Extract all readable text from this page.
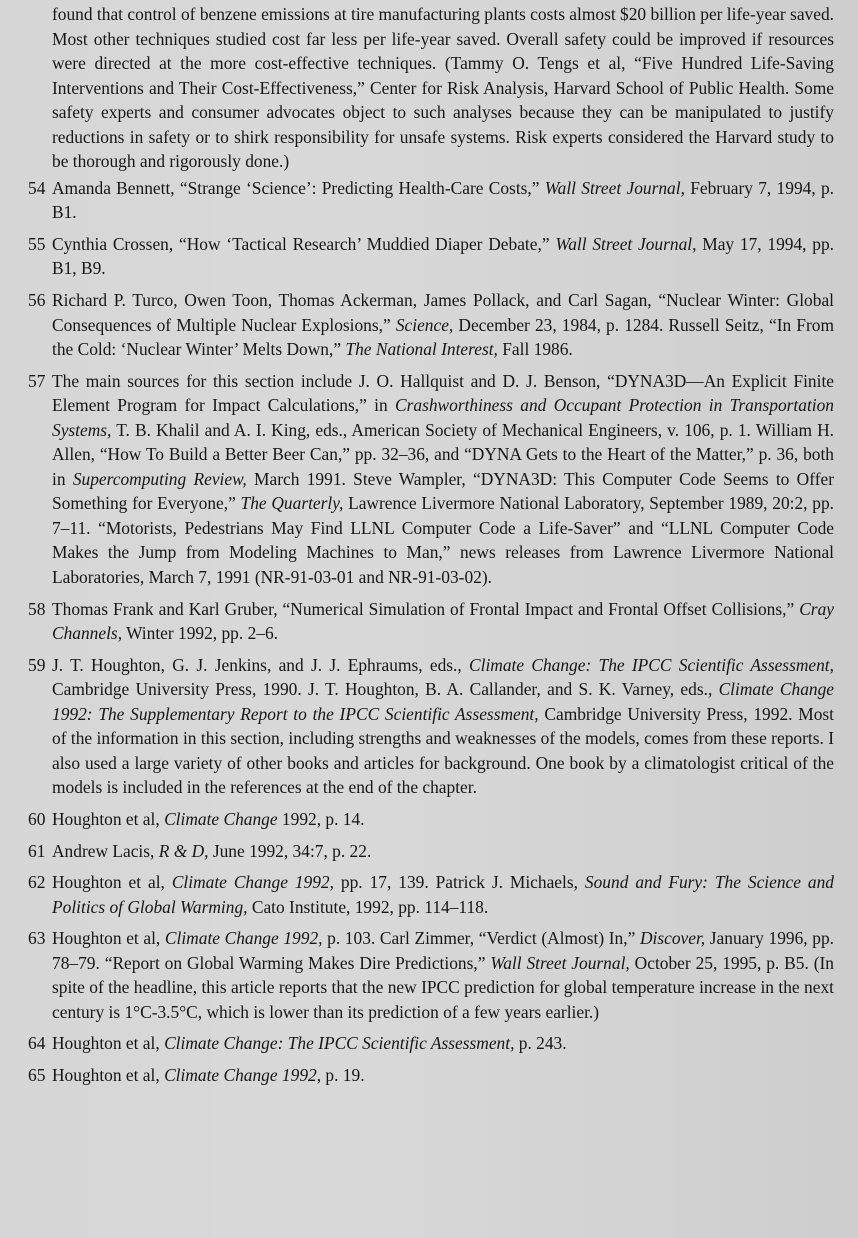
found that control of benzene emissions at tire manufacturing plants costs almost $20 billion per life-year saved. Most other techniques studied cost far less per life-year saved. Overall safety could be improved if resources were directed at the more cost-effective techniques. (Tammy O. Tengs et al, “Five Hundred Life-Saving Interventions and Their Cost-Effectiveness,” Center for Risk Analysis, Harvard School of Public Health. Some safety experts and consumer advocates object to such analyses because they can be manipulated to justify reductions in safety or to shirk responsibility for unsafe systems. Risk experts considered the Harvard study to be thorough and rigorously done.)

54 Amanda Bennett, “Strange ‘Science’: Predicting Health-Care Costs,” Wall Street Journal, February 7, 1994, p. B1.
55 Cynthia Crossen, “How ‘Tactical Research’ Muddied Diaper Debate,” Wall Street Journal, May 17, 1994, pp. B1, B9.
56 Richard P. Turco, Owen Toon, Thomas Ackerman, James Pollack, and Carl Sagan, “Nuclear Winter: Global Consequences of Multiple Nuclear Explosions,” Science, December 23, 1984, p. 1284. Russell Seitz, “In From the Cold: ‘Nuclear Winter’ Melts Down,” The National Interest, Fall 1986.
57 The main sources for this section include J. O. Hallquist and D. J. Benson, “DYNA3D—An Explicit Finite Element Program for Impact Calculations,” in Crashworthiness and Occupant Protection in Transportation Systems, T. B. Khalil and A. I. King, eds., American Society of Mechanical Engineers, v. 106, p. 1. William H. Allen, “How To Build a Better Beer Can,” pp. 32–36, and “DYNA Gets to the Heart of the Matter,” p. 36, both in Supercomputing Review, March 1991. Steve Wampler, “DYNA3D: This Computer Code Seems to Offer Something for Everyone,” The Quarterly, Lawrence Livermore National Laboratory, September 1989, 20:2, pp. 7–11. “Motorists, Pedestrians May Find LLNL Computer Code a Life-Saver” and “LLNL Computer Code Makes the Jump from Modeling Machines to Man,” news releases from Lawrence Livermore National Laboratories, March 7, 1991 (NR-91-03-01 and NR-91-03-02).
58 Thomas Frank and Karl Gruber, “Numerical Simulation of Frontal Impact and Frontal Offset Collisions,” Cray Channels, Winter 1992, pp. 2–6.
59 J. T. Houghton, G. J. Jenkins, and J. J. Ephraums, eds., Climate Change: The IPCC Scientific Assessment, Cambridge University Press, 1990. J. T. Houghton, B. A. Callander, and S. K. Varney, eds., Climate Change 1992: The Supplementary Report to the IPCC Scientific Assessment, Cambridge University Press, 1992. Most of the information in this section, including strengths and weaknesses of the models, comes from these reports. I also used a large variety of other books and articles for background. One book by a climatologist critical of the models is included in the references at the end of the chapter.
60 Houghton et al, Climate Change 1992, p. 14.
61 Andrew Lacis, R & D, June 1992, 34:7, p. 22.
62 Houghton et al, Climate Change 1992, pp. 17, 139. Patrick J. Michaels, Sound and Fury: The Science and Politics of Global Warming, Cato Institute, 1992, pp. 114–118.
63 Houghton et al, Climate Change 1992, p. 103. Carl Zimmer, “Verdict (Almost) In,” Discover, January 1996, pp. 78–79. “Report on Global Warming Makes Dire Predictions,” Wall Street Journal, October 25, 1995, p. B5. (In spite of the headline, this article reports that the new IPCC prediction for global temperature increase in the next century is 1°C-3.5°C, which is lower than its prediction of a few years earlier.)
64 Houghton et al, Climate Change: The IPCC Scientific Assessment, p. 243.
65 Houghton et al, Climate Change 1992, p. 19.
